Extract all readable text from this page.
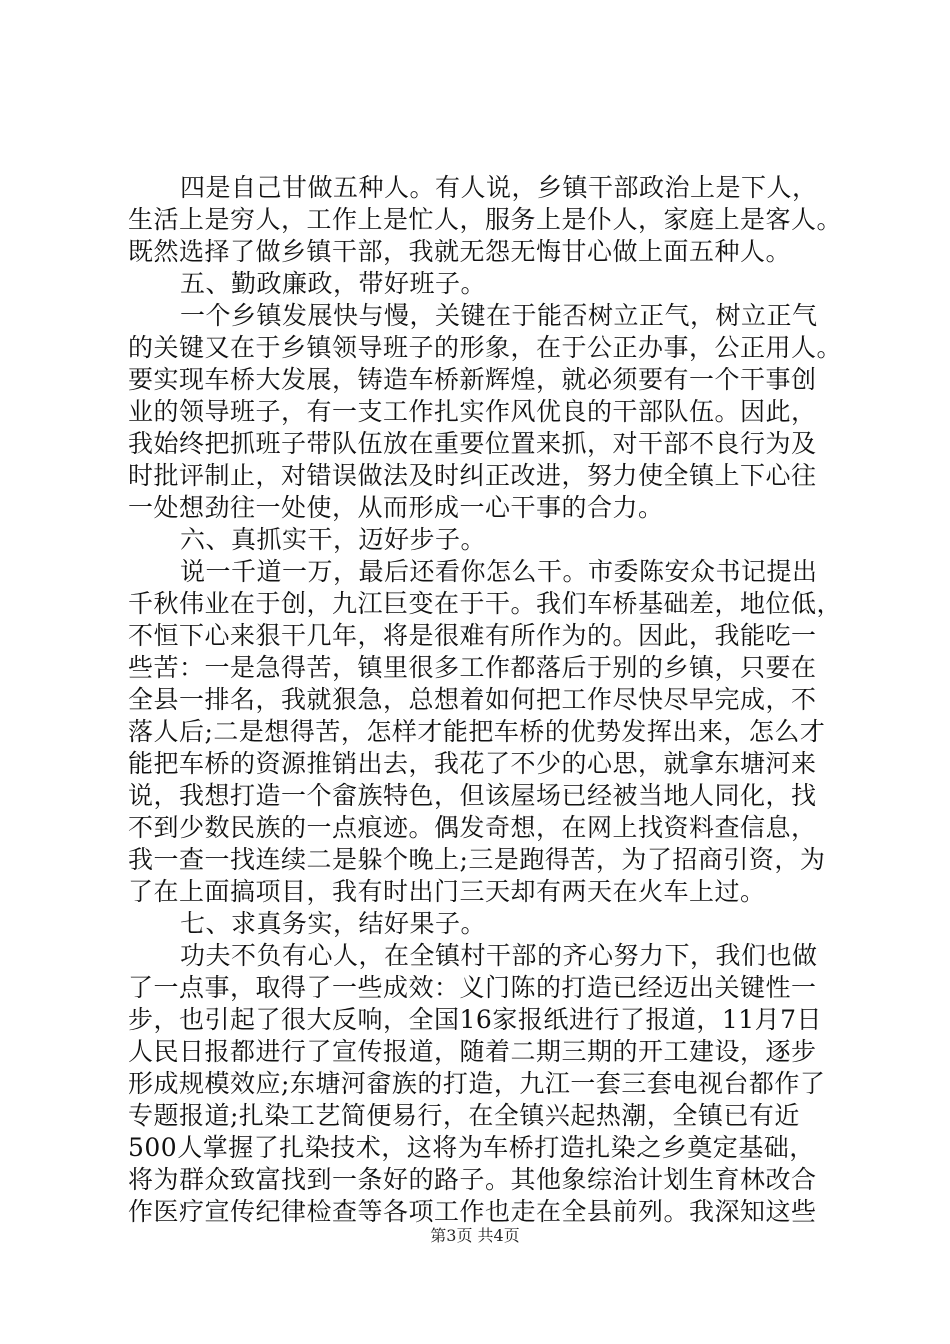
四是自己甘做五种人。有人说，乡镇干部政治上是下人，
生活上是穷人，工作上是忙人，服务上是仆人，家庭上是客人。
既然选择了做乡镇干部，我就无怨无悔甘心做上面五种人。
五、勤政廉政，带好班子。
一个乡镇发展快与慢，关键在于能否树立正气，树立正气
的关键又在于乡镇领导班子的形象，在于公正办事，公正用人。
要实现车桥大发展，铸造车桥新辉煌，就必须要有一个干事创
业的领导班子，有一支工作扎实作风优良的干部队伍。因此，
我始终把抓班子带队伍放在重要位置来抓，对干部不良行为及
时批评制止，对错误做法及时纠正改进，努力使全镇上下心往
一处想劲往一处使，从而形成一心干事的合力。
六、真抓实干，迈好步子。
说一千道一万，最后还看你怎么干。市委陈安众书记提出
千秋伟业在于创，九江巨变在于干。我们车桥基础差，地位低，
不恒下心来狠干几年，将是很难有所作为的。因此，我能吃一
些苦：一是急得苦，镇里很多工作都落后于别的乡镇，只要在
全县一排名，我就狠急，总想着如何把工作尽快尽早完成，不
落人后;二是想得苦，怎样才能把车桥的优势发挥出来，怎么才
能把车桥的资源推销出去，我花了不少的心思，就拿东塘河来
说，我想打造一个畲族特色，但该屋场已经被当地人同化，找
不到少数民族的一点痕迹。偶发奇想，在网上找资料查信息，
我一查一找连续二是躲个晚上;三是跑得苦，为了招商引资，为
了在上面搞项目，我有时出门三天却有两天在火车上过。
七、求真务实，结好果子。
功夫不负有心人，在全镇村干部的齐心努力下，我们也做
了一点事，取得了一些成效：义门陈的打造已经迈出关键性一
步，也引起了很大反响，全国16家报纸进行了报道，11月7日
人民日报都进行了宣传报道，随着二期三期的开工建设，逐步
形成规模效应;东塘河畲族的打造，九江一套三套电视台都作了
专题报道;扎染工艺简便易行，在全镇兴起热潮，全镇已有近
500人掌握了扎染技术，这将为车桥打造扎染之乡奠定基础，
将为群众致富找到一条好的路子。其他象综治计划生育林改合
作医疗宣传纪律检查等各项工作也走在全县前列。我深知这些
第3页 共4页
